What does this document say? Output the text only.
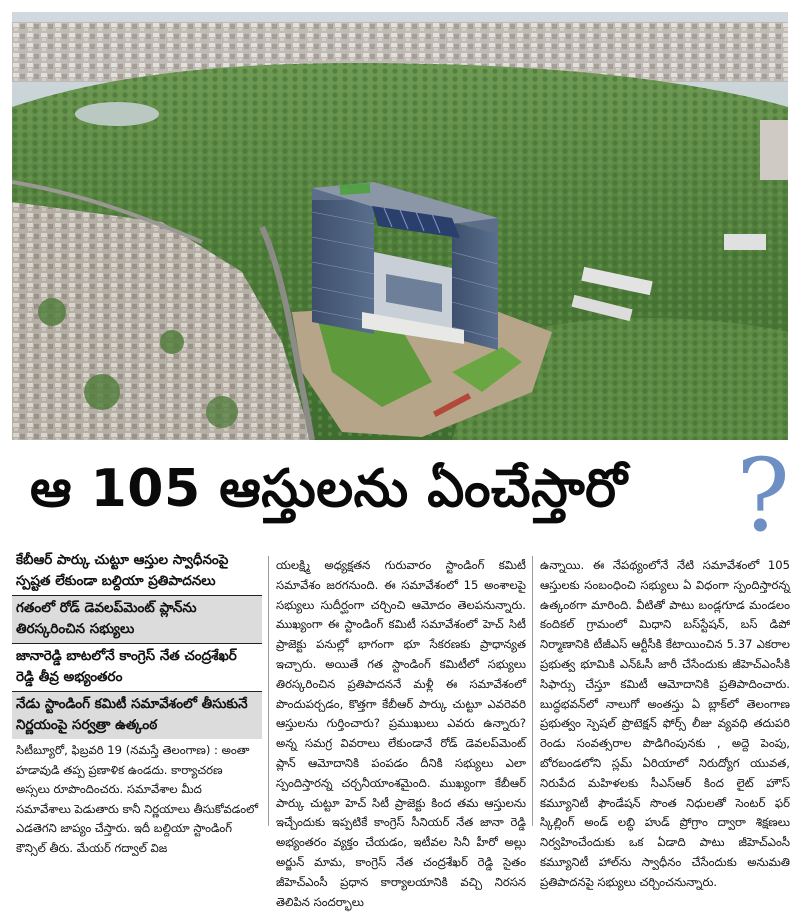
ఆ 105 ఆస్తులను ఏంచేస్తారో ?

కేబీఆర్ పార్కు చుట్టూ ఆస్తుల స్వాధీనంపై స్పష్టత లేకుండా బల్దియా ప్రతిపాదనలు

గతంలో రోడ్ డెవలప్‌మెంట్ ప్లాన్‌ను తిరస్కరించిన సభ్యులు

జానారెడ్డి బాటలోనే కాంగ్రెస్ నేత చంద్రశేఖర్ రెడ్డి తీవ్ర అభ్యంతరం

నేడు స్టాండింగ్ కమిటీ సమావేశంలో తీసుకునే నిర్ణయంపై సర్వత్రా ఉత్కంఠ

సిటీబ్యూరో, ఫిబ్రవరి 19 (నమస్తే తెలంగాణ) : అంతా హడావుడి తప్ప ప్రణాళిక ఉండదు. కార్యాచరణ అస్సలు రూపొందించరు. సమావేశాల మీద సమావేశాలు పెడుతారు కానీ నిర్ణయాలు తీసుకోవడంలో ఎడతెగని జాప్యం చేస్తారు. ఇదీ బల్దియా స్టాండింగ్ కౌన్సిల్ తీరు. మేయర్ గద్వాల్ విజ

యలక్ష్మి అధ్యక్షతన గురువారం స్టాండింగ్ కమిటీ సమావేశం జరగనుంది. ఈ సమావేశంలో 15 అంశాలపై సభ్యులు సుదీర్ఘంగా చర్చించి ఆమోదం తెలపనున్నారు. ముఖ్యంగా ఈ స్టాండింగ్ కమిటీ సమావేశంలో హెచ్ సిటీ ప్రాజెక్టు పనుల్లో భాగంగా భూ సేకరణకు ప్రాధాన్యత ఇచ్చారు. అయితే గత స్టాండింగ్ కమిటీలో సభ్యులు తిరస్కరించిన ప్రతిపాదననే మళ్లీ ఈ సమావేశంలో పొందుపర్చడం, కొత్తగా కేబీఆర్ పార్కు చుట్టూ ఎవరెవరి ఆస్తులను గుర్తించారు? ప్రముఖులు ఎవరు ఉన్నారు? అన్న సమగ్ర వివరాలు లేకుండానే రోడ్ డెవలప్‌మెంట్ ప్లాన్ ఆమోదానికి పంపడం దీనికి సభ్యులు ఎలా స్పందిస్తారన్న చర్చనీయాంశమైంది. ముఖ్యంగా కేబీఆర్ పార్కు చుట్టూ హెచ్ సిటీ ప్రాజెక్టు కింద తమ ఆస్తులను ఇచ్చేందుకు ఇప్పటికే కాంగ్రెస్ సీనియర్ నేత జానా రెడ్డి అభ్యంతరం వ్యక్తం చేయడం, ఇటీవల సినీ హీరో అల్లు అర్జున్ మామ, కాంగ్రెస్ నేత చంద్రశేఖర్ రెడ్డి సైతం జీహెచ్ఎంసీ ప్రధాన కార్యాలయానికి వచ్చి నిరసన తెలిపిన సందర్భాలు

ఉన్నాయి. ఈ నేపథ్యంలోనే నేటి సమావేశంలో 105 ఆస్తులకు సంబంధించి సభ్యులు ఏ విధంగా స్పందిస్తారన్న ఉత్కంఠగా మారింది. వీటితో పాటు బండ్లగూడ మండలం కందికల్ గ్రామంలో మిధాని బస్‌స్టేషన్, బస్ డిపో నిర్మాణానికి టీజీఎస్ ఆర్టీసీకి కేటాయించిన 5.37 ఎకరాల ప్రభుత్వ భూమికి ఎన్‌ఓసీ జారీ చేసేందుకు జీహెచ్ఎంసీకి సిఫార్సు చేస్తూ కమిటీ ఆమోదానికి ప్రతిపాదించారు. బుద్ధభవన్‌లో నాలుగో అంతస్తు ఏ బ్లాక్‌లో తెలంగాణ ప్రభుత్వం స్పెషల్ ప్రొటెక్షన్ ఫోర్స్ లీజు వ్యవధి తదుపరి రెండు సంవత్సరాల పొడిగింపునకు , అద్దె పెంపు, బోరబండలోని స్లమ్ ఏరియాలో నిరుద్యోగ యువత, నిరుపేద మహిళలకు సీఎస్ఆర్ కింద లైట్ హౌస్ కమ్యూనిటీ ఫౌండేషన్ సొంత నిధులతో సెంటర్ ఫర్ స్కిల్లింగ్ అండ్ లబ్ధి హుడ్ ప్రోగ్రాం ద్వారా శిక్షణలు నిర్వహించేందుకు ఒక ఏడాది పాటు జీహెచ్ఎంసీ కమ్యూనిటీ హాల్‌ను స్వాధీనం చేసేందుకు అనుమతి ప్రతిపాదనపై సభ్యులు చర్చించనున్నారు.
